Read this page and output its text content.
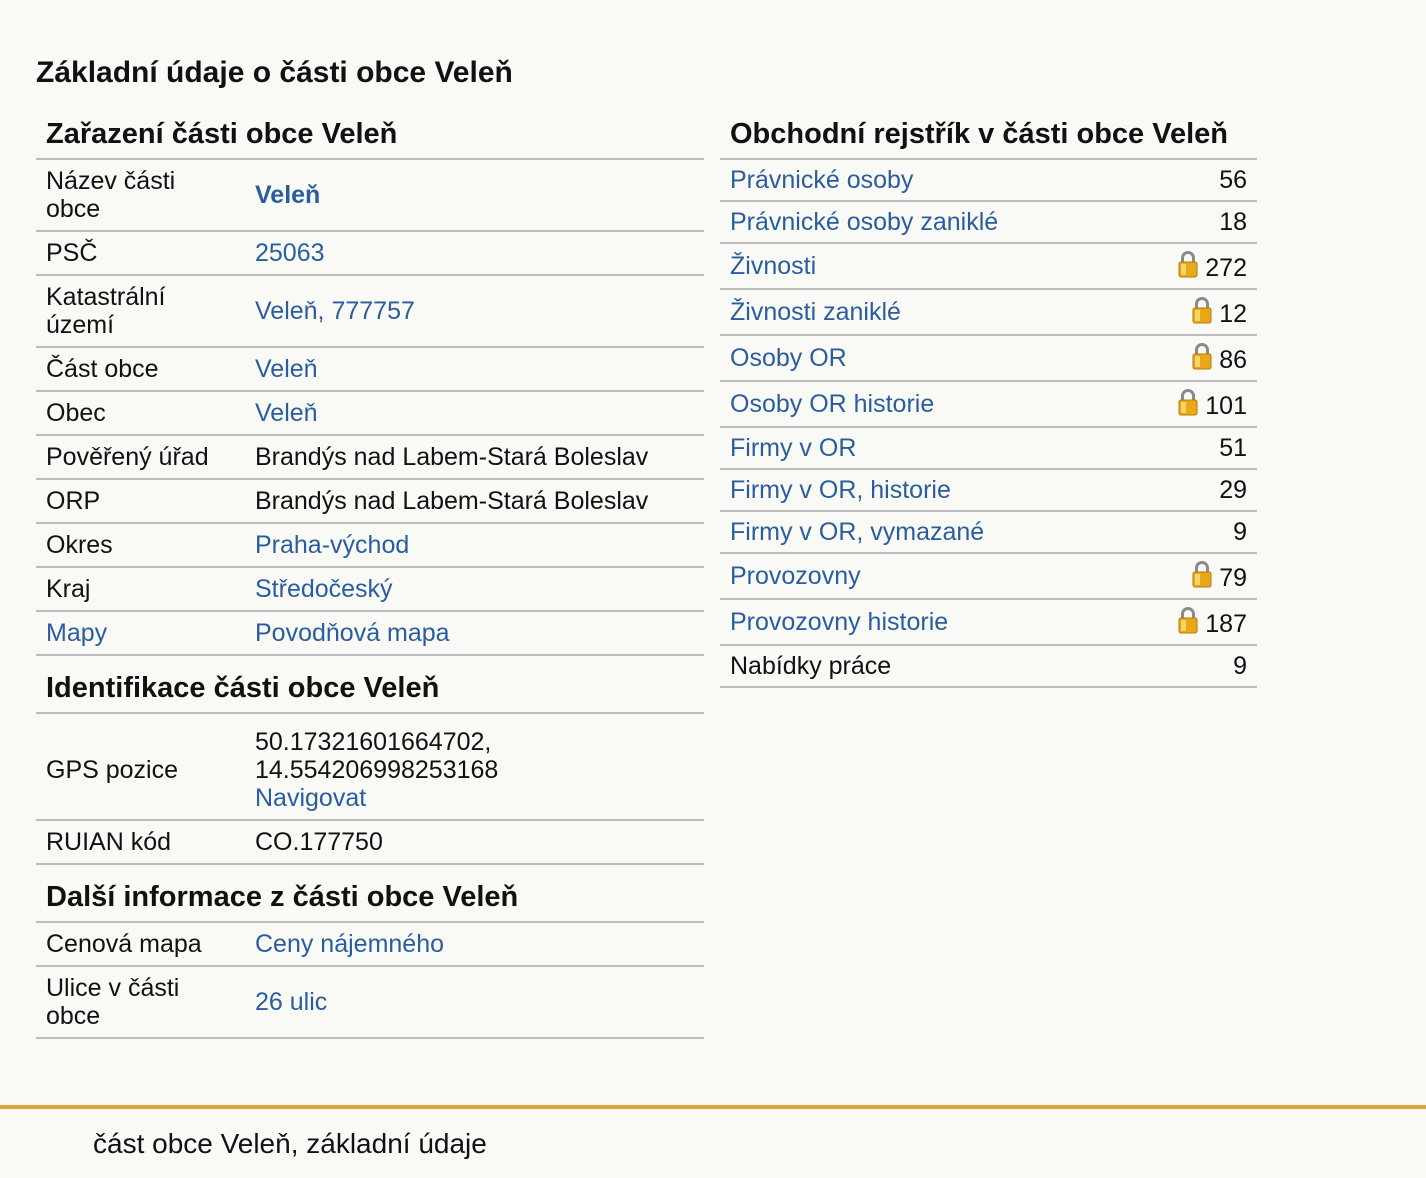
Základní údaje o části obce Veleň
Zařazení části obce Veleň
Název části obce	Veleň
PSČ	25063
Katastrální území	Veleň, 777757
Část obce	Veleň
Obec	Veleň
Pověřený úřad	Brandýs nad Labem-Stará Boleslav
ORP	Brandýs nad Labem-Stará Boleslav
Okres	Praha-východ
Kraj	Středočeský
Mapy	Povodňová mapa
Identifikace části obce Veleň
GPS pozice	50.17321601664702,
14.554206998253168
Navigovat
RUIAN kód	CO.177750
Další informace z části obce Veleň
Cenová mapa	Ceny nájemného
Ulice v části obce	26 ulic
Obchodní rejstřík v části obce Veleň
Právnické osoby	56
Právnické osoby zaniklé	18
Živnosti	272
Živnosti zaniklé	12
Osoby OR	86
Osoby OR historie	101
Firmy v OR	51
Firmy v OR, historie	29
Firmy v OR, vymazané	9
Provozovny	79
Provozovny historie	187
Nabídky práce	9
část obce Veleň, základní údaje
